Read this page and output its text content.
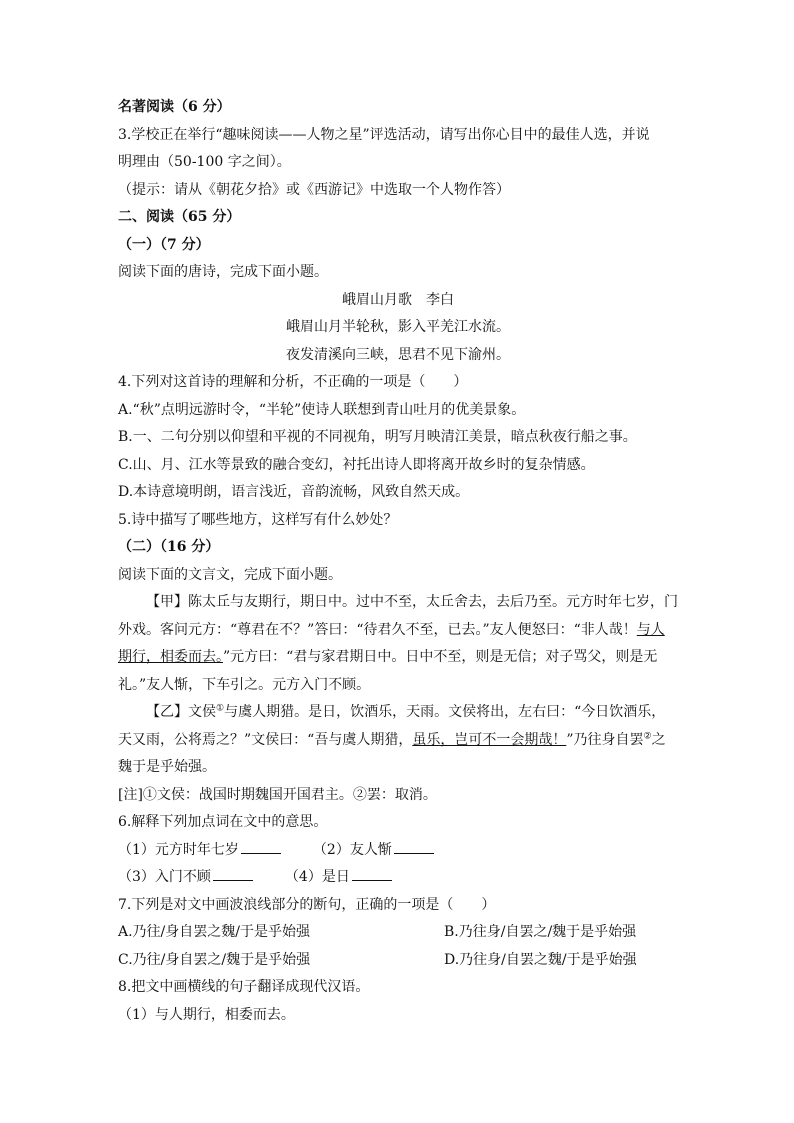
名著阅读（6 分）
3.学校正在举行“趣味阅读——人物之星”评选活动，请写出你心目中的最佳人选，并说
明理由（50-100 字之间）。
（提示：请从《朝花夕拾》或《西游记》中选取一个人物作答）
二、阅读（65 分）
（一）（7 分）
阅读下面的唐诗，完成下面小题。
峨眉山月歌　李白
峨眉山月半轮秋，影入平羌江水流。
夜发清溪向三峡，思君不见下渝州。
4.下列对这首诗的理解和分析，不正确的一项是（　　）
A.“秋”点明远游时令，“半轮”使诗人联想到青山吐月的优美景象。
B.一、二句分别以仰望和平视的不同视角，明写月映清江美景，暗点秋夜行船之事。
C.山、月、江水等景致的融合变幻，衬托出诗人即将离开故乡时的复杂情感。
D.本诗意境明朗，语言浅近，音韵流畅，风致自然天成。
5.诗中描写了哪些地方，这样写有什么妙处？
（二）（16 分）
阅读下面的文言文，完成下面小题。
【甲】陈太丘与友期行，期日中。过中不至，太丘舍去，去后乃至。元方时年七岁，门外戏。客问元方：“尊君在不？”答曰：“待君久不至，已去。”友人便怒曰：“非人哉！与人期行，相委而去。”元方曰：“君与家君期日中。日中不至，则是无信；对子骂父，则是无礼。”友人惭，下车引之。元方入门不顾。
【乙】文侯①与虞人期猎。是日，饮酒乐，天雨。文侯将出，左右曰：“今日饮酒乐，天又雨，公将焉之？”文侯曰：“吾与虞人期猎，虽乐，岂可不一会期哉！”乃往身自罢②之魏于是乎始强。
[注]①文侯：战国时期魏国开国君主。②罢：取消。
6.解释下列加点词在文中的意思。
（1）元方时年七岁	（2）友人惭
（3）入门不顾	（4）是日
7.下列是对文中画波浪线部分的断句，正确的一项是（　　）
A.乃往/身自罢之魏/于是乎始强	B.乃往身/自罢之/魏于是乎始强
C.乃往/身自罢之/魏于是乎始强	D.乃往身/自罢之魏/于是乎始强
8.把文中画横线的句子翻译成现代汉语。
（1）与人期行，相委而去。
